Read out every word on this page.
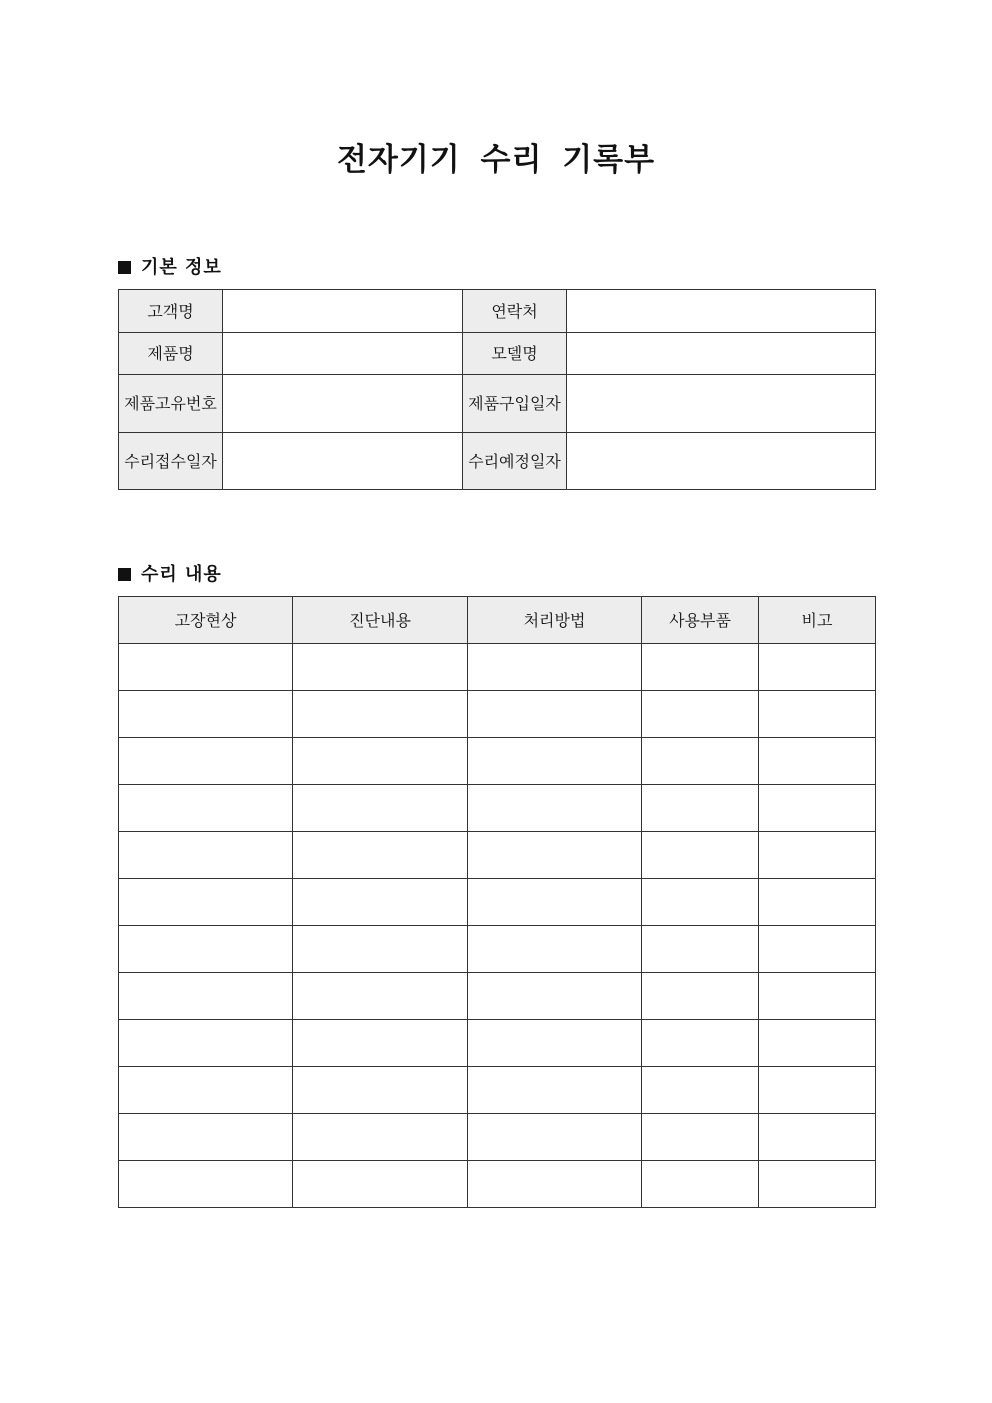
전자기기 수리 기록부
기본 정보
고객명		연락처	
제품명		모델명	
제품고유번호		제품구입일자	
수리접수일자		수리예정일자	
수리 내용
고장현상	진단내용	처리방법	사용부품	비고
